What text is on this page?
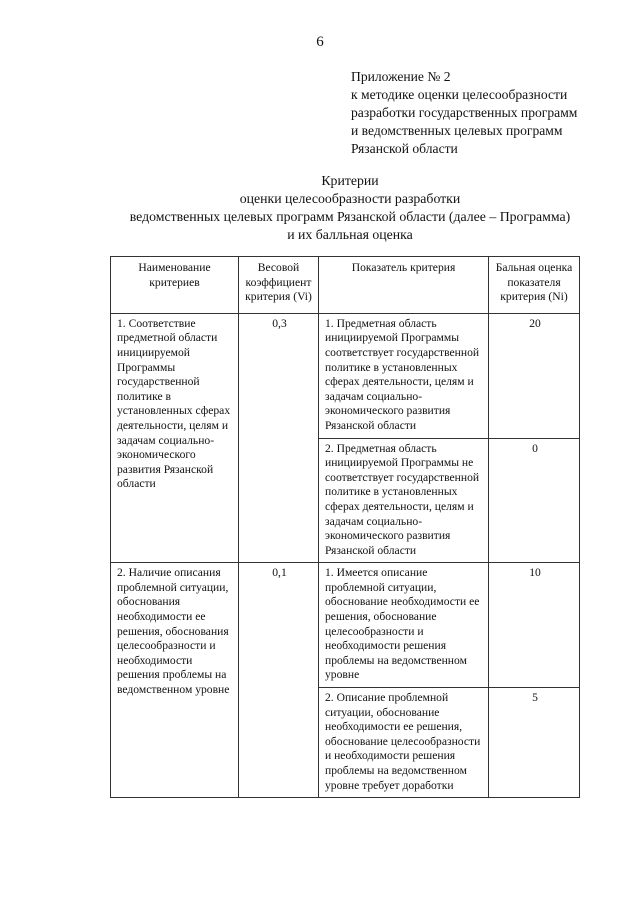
6
Приложение № 2
к методике оценки целесообразности
разработки государственных программ
и ведомственных целевых программ
Рязанской области
Критерии
оценки целесообразности разработки
ведомственных целевых программ Рязанской области (далее – Программа)
и их балльная оценка
Наименование критериев	Весовой коэффициент критерия (Vi)	Показатель критерия	Бальная оценка показателя критерия (Ni)
1. Соответствие предметной области инициируемой Программы государственной политике в установленных сферах деятельности, целям и задачам социально-экономического развития Рязанской области	0,3	1. Предметная область инициируемой Программы соответствует государственной политике в установленных сферах деятельности, целям и задачам социально-экономического развития Рязанской области	20
		2. Предметная область инициируемой Программы не соответствует государственной политике в установленных сферах деятельности, целям и задачам социально-экономического развития Рязанской области	0
2. Наличие описания проблемной ситуации, обоснования необходимости ее решения, обоснования целесообразности и необходимости решения проблемы на ведомственном уровне	0,1	1. Имеется описание проблемной ситуации, обоснование необходимости ее решения, обоснование целесообразности и необходимости решения проблемы на ведомственном уровне	10
		2. Описание проблемной ситуации, обоснование необходимости ее решения, обоснование целесообразности и необходимости решения проблемы на ведомственном уровне требует доработки	5
